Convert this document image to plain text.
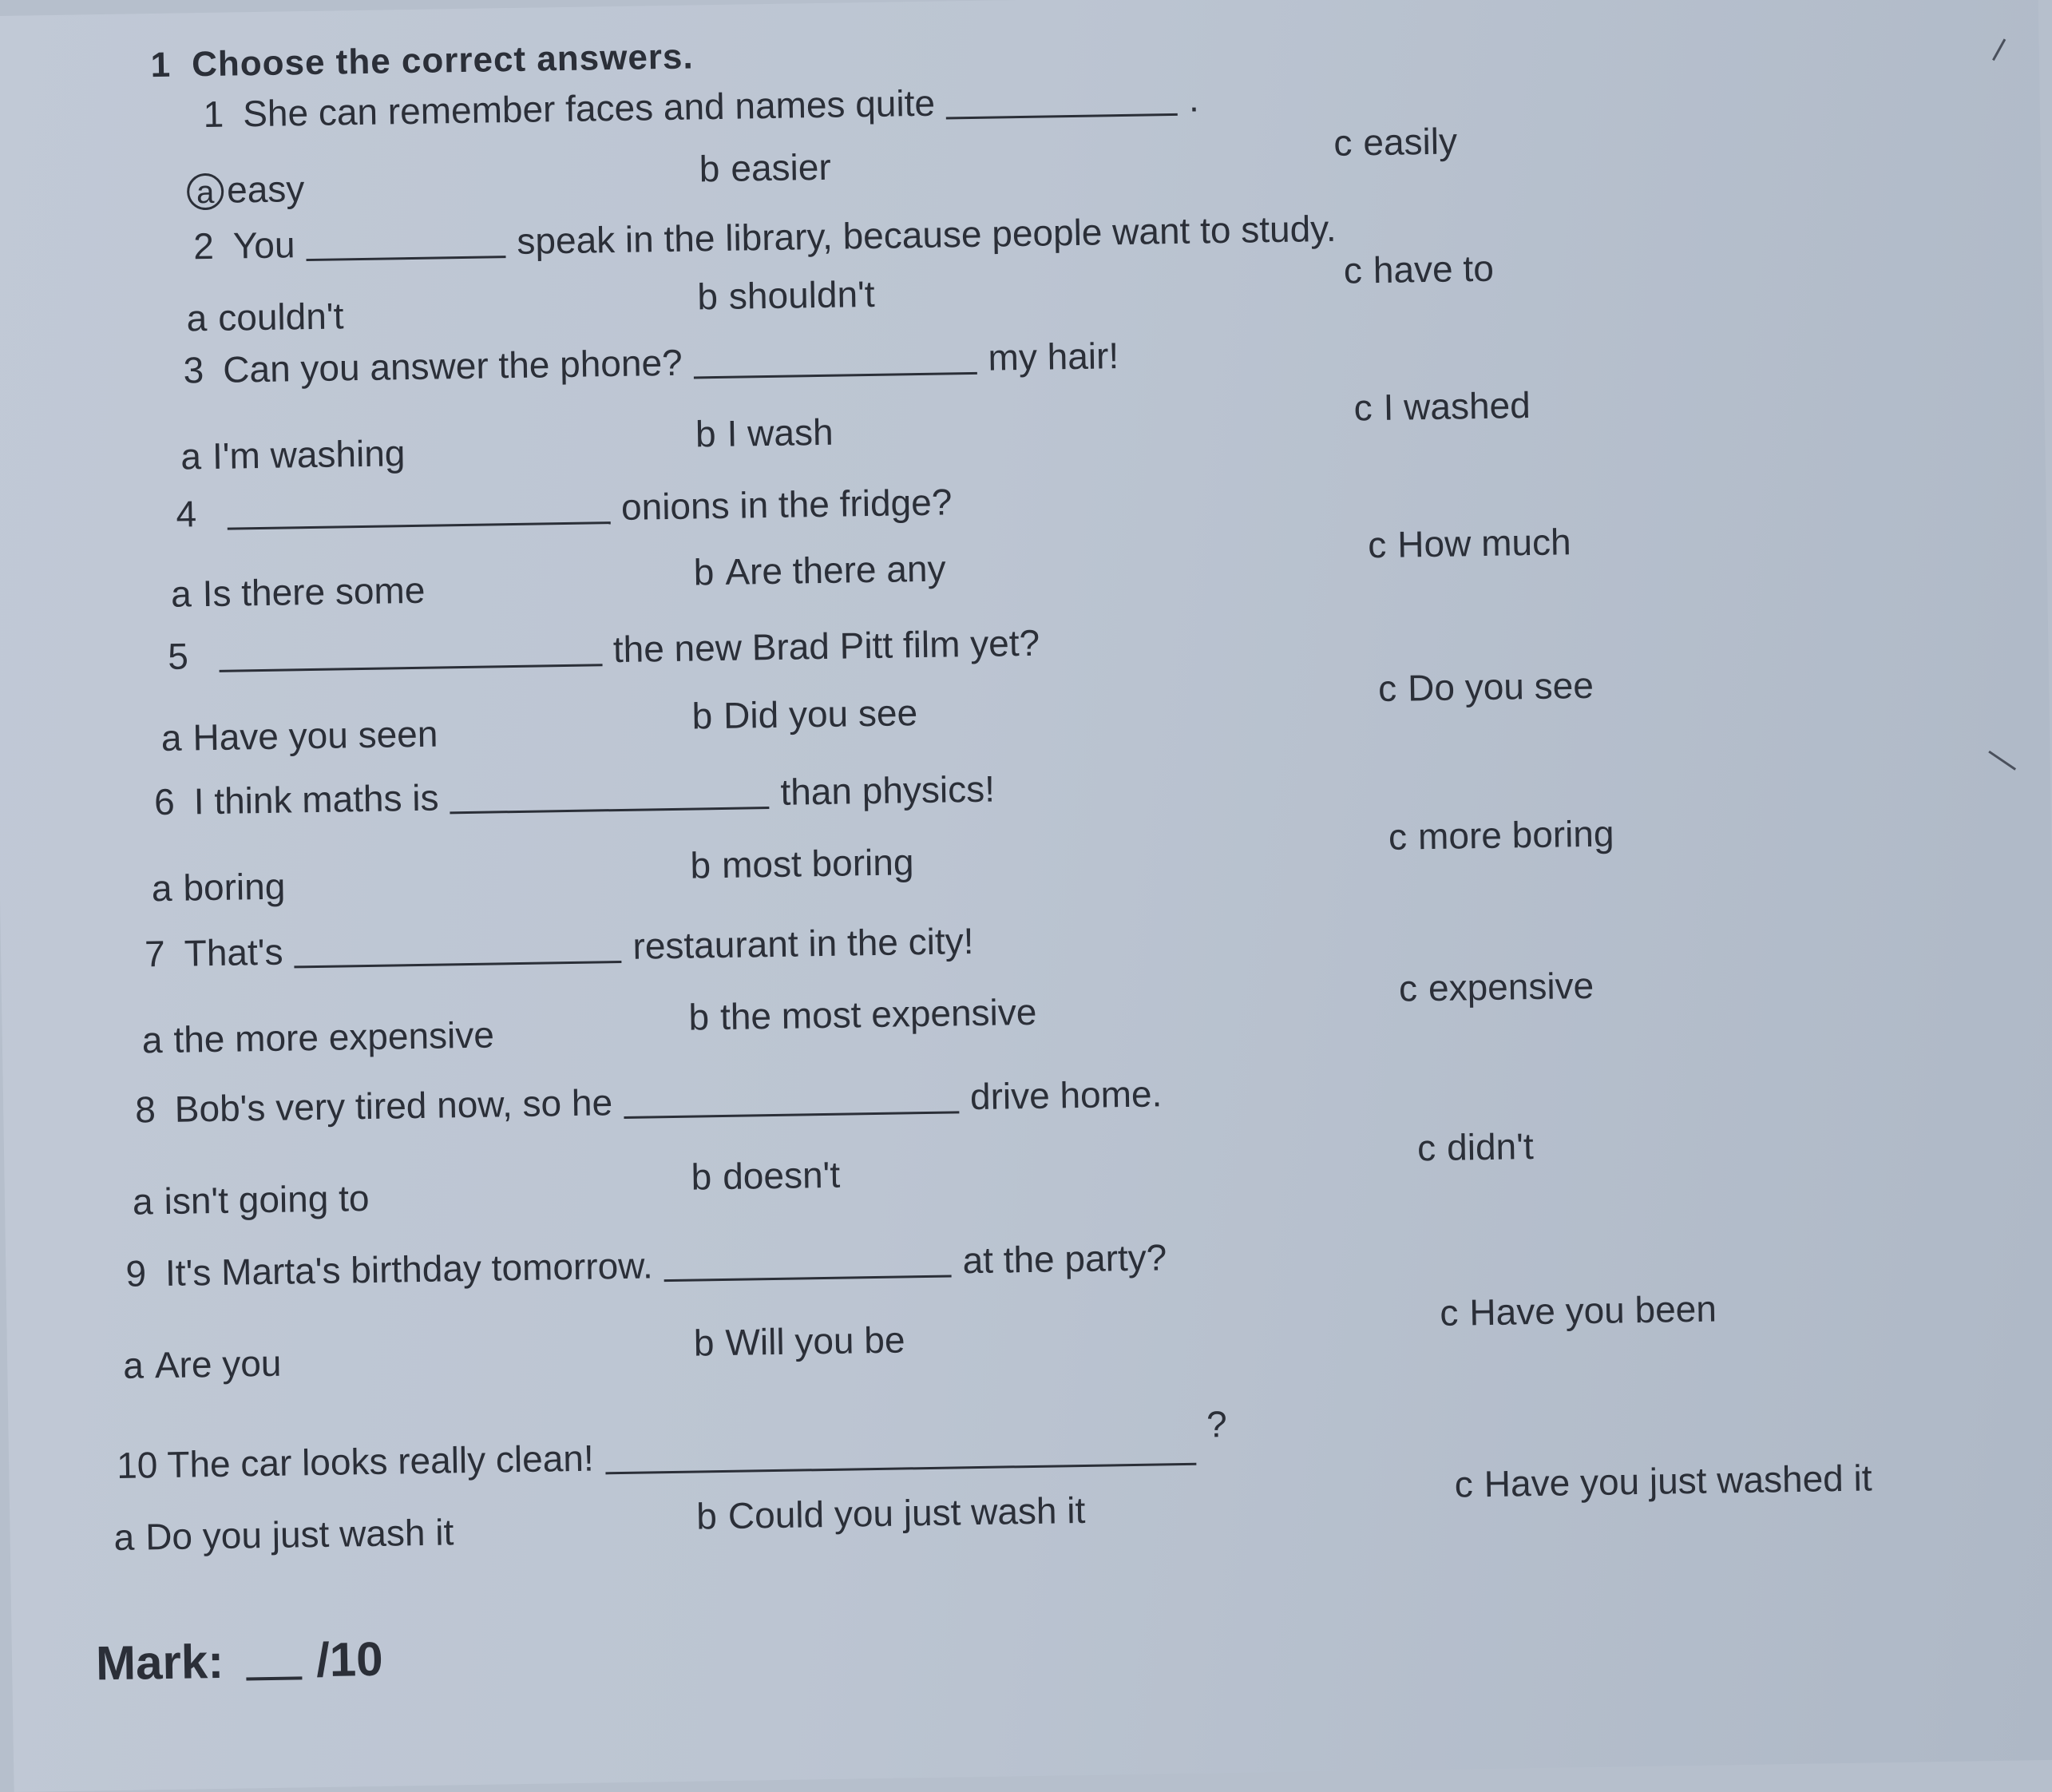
1 Choose the correct answers.
1 She can remember faces and names quite	.
a easy	b easier
c easily
2 You	speak in the library, because people want to study.
a couldn't	b shouldn't
c have to
3 Can you answer the phone?	my hair!
a I'm washing	b I wash
c I washed
4	onions in the fridge?
a Is there some	b Are there any
c How much
5	the new Brad Pitt film yet?
a Have you seen	b Did you see
c Do you see
6 I think maths is	than physics!
a boring
b most boring
c more boring
7 That's	restaurant in the city!
a the more expensive	b the most expensive
c expensive
8 Bob's very tired now, so he	drive home.
a isn't going to
b doesn't
c didn't
9 It's Marta's birthday tomorrow.	at the party?
a Are you	b Will you be
c Have you been
10 The car looks really clean!
?
a Do you just wash it	b Could you just wash it
c Have you just washed it
Mark: /10
